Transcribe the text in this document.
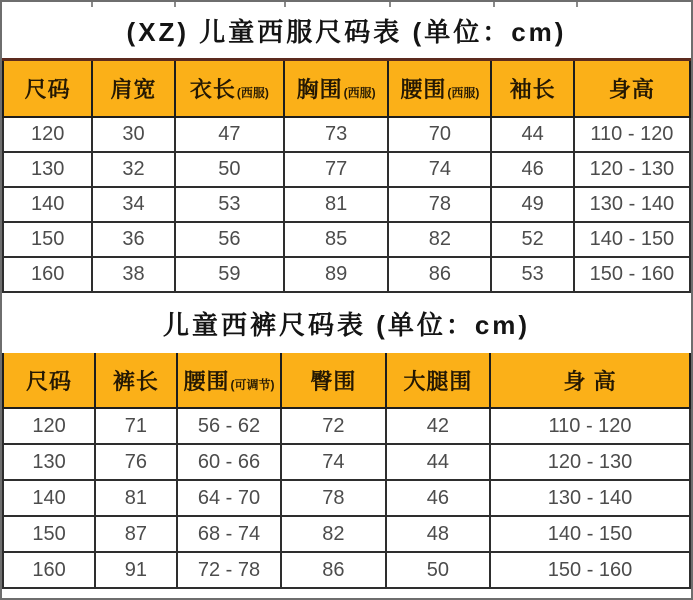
(XZ) 儿童西服尺码表 (单位：cm)
尺码	肩宽	衣长(西服)	胸围(西服)	腰围(西服)	袖长	身高
120	30	47	73	70	44	110 - 120
130	32	50	77	74	46	120 - 130
140	34	53	81	78	49	130 - 140
150	36	56	85	82	52	140 - 150
160	38	59	89	86	53	150 - 160
儿童西裤尺码表 (单位：cm)
尺码	裤长	腰围(可调节)	臀围	大腿围	身 高
120	71	56 - 62	72	42	110 - 120
130	76	60 - 66	74	44	120 - 130
140	81	64 - 70	78	46	130 - 140
150	87	68 - 74	82	48	140 - 150
160	91	72 - 78	86	50	150 - 160
